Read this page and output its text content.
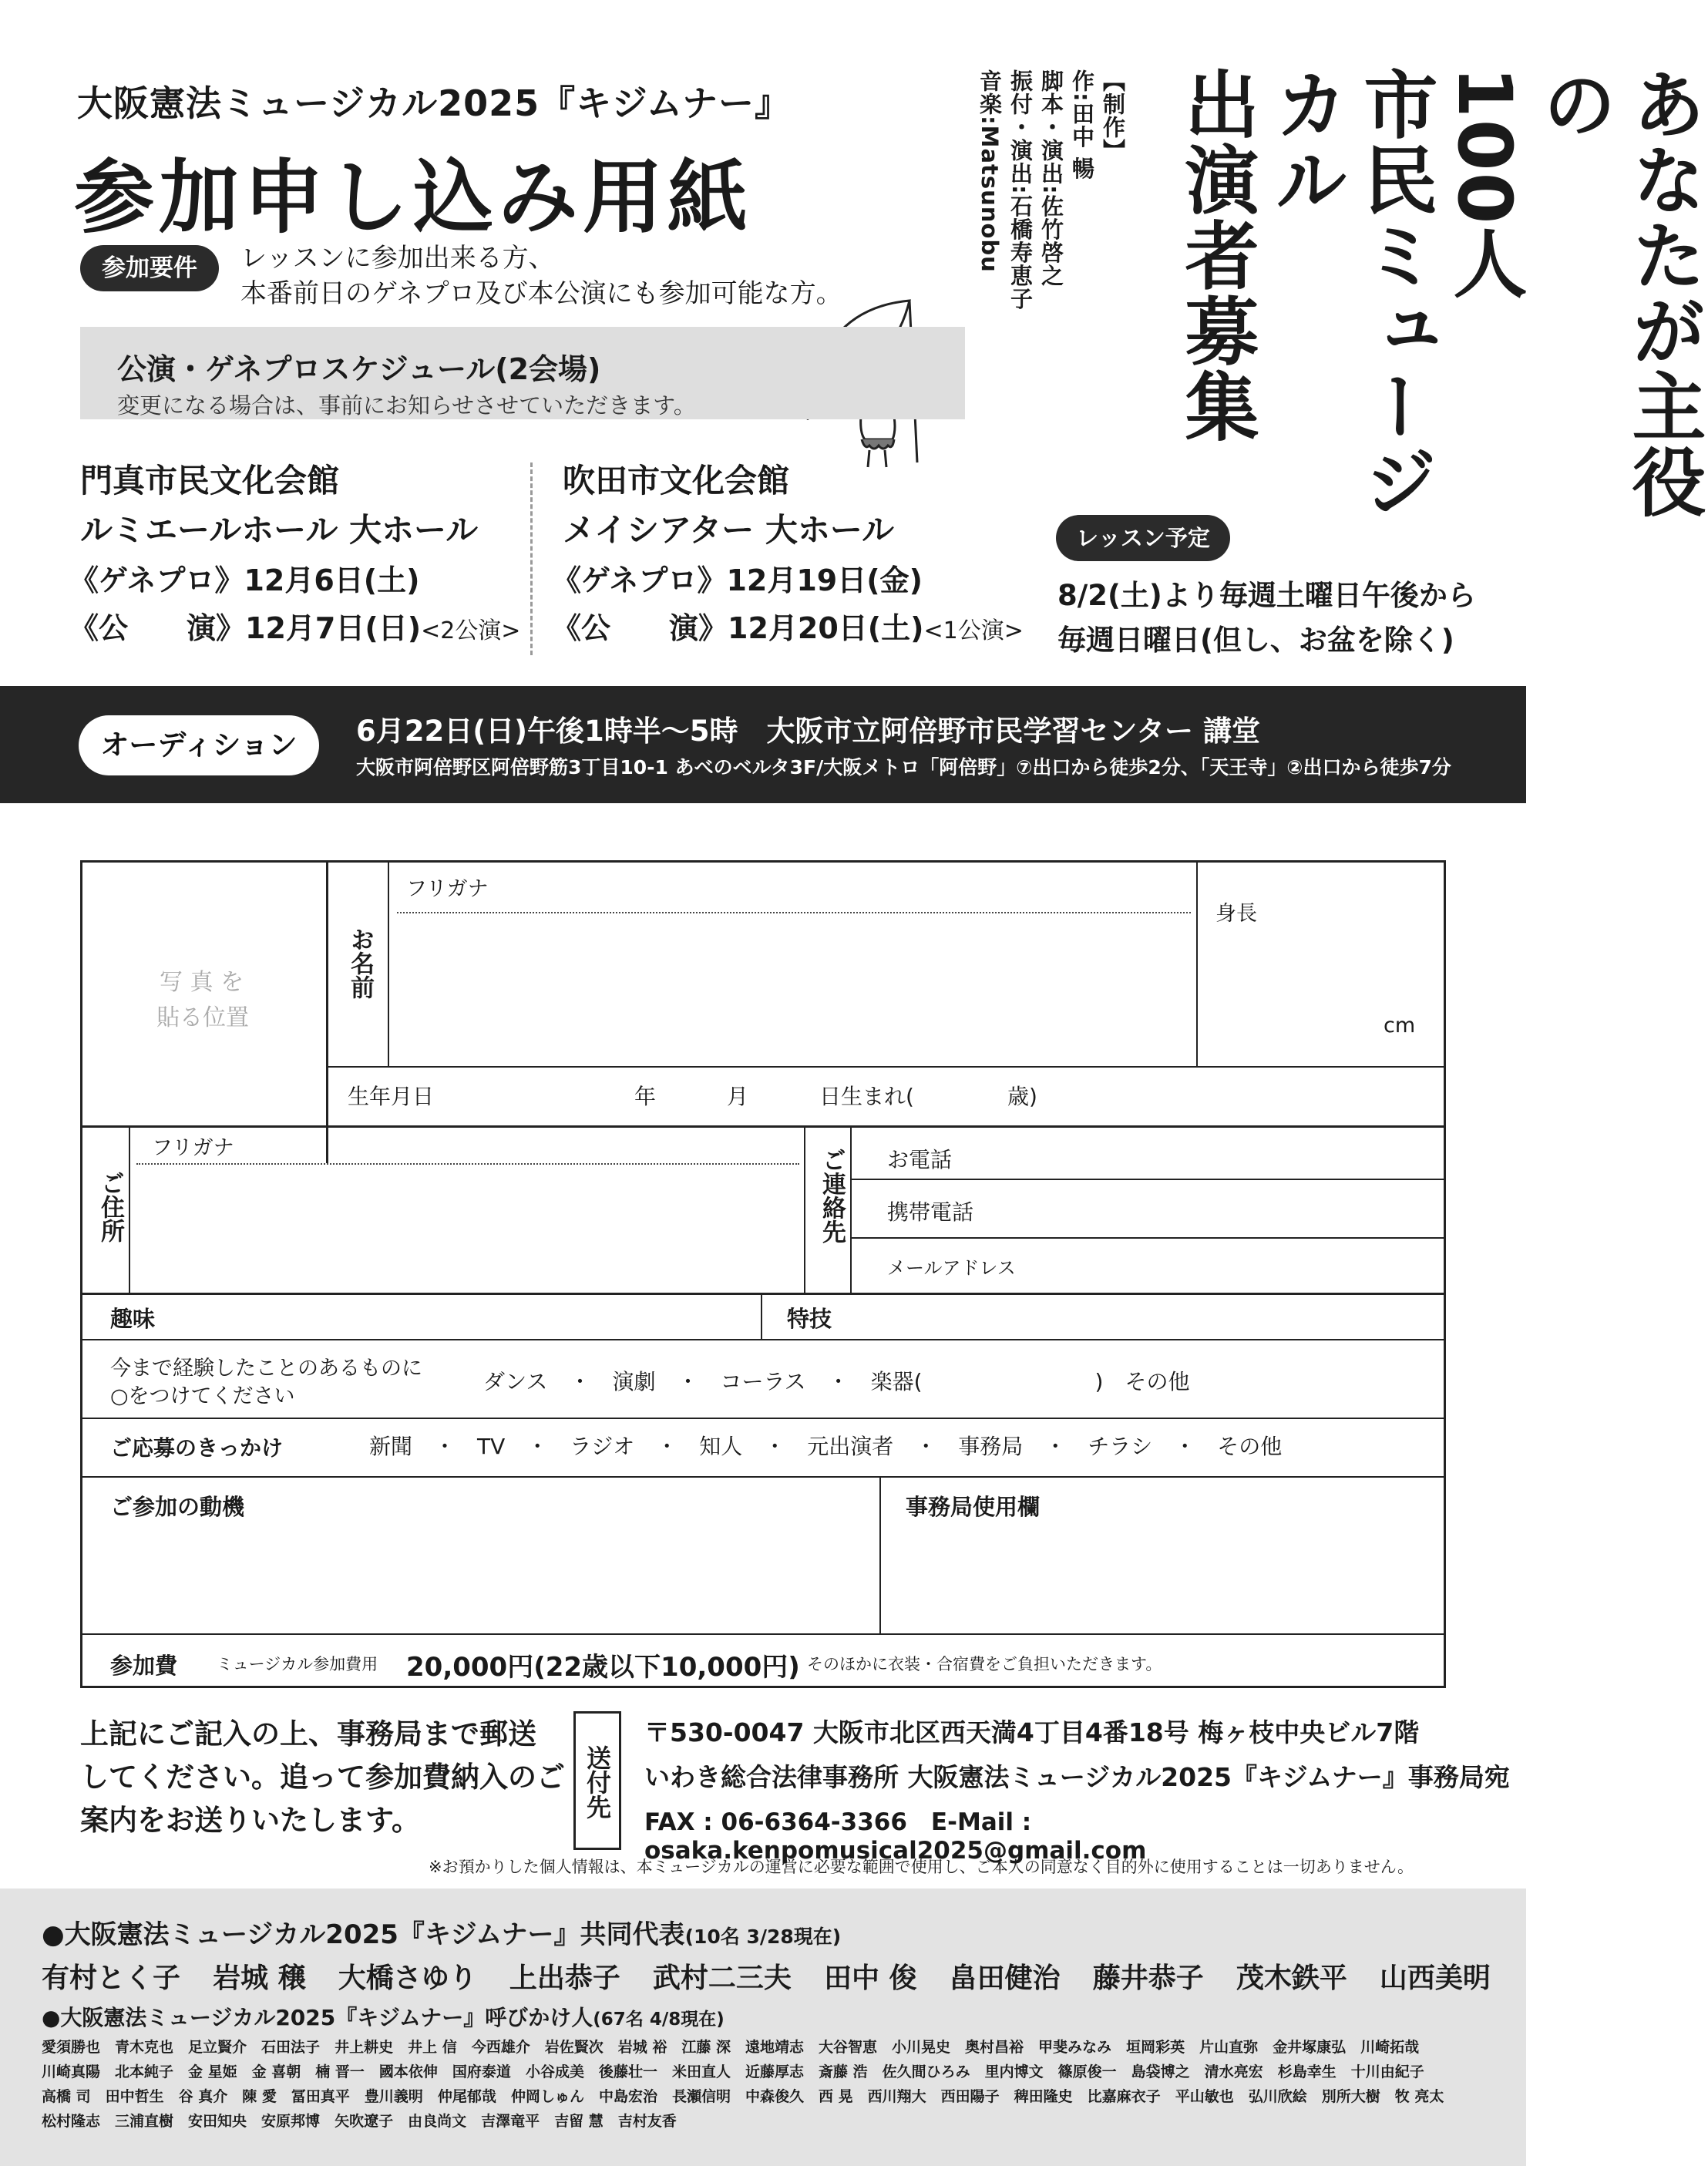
大阪憲法ミュージカル2025『キジムナー』
参加申し込み用紙
参加要件	レッスンに参加出来る方、
本番前日のゲネプロ及び本公演にも参加可能な方。
公演・ゲネプロスケジュール(2会場)
変更になる場合は、事前にお知らせさせていただきます。
門真市民文化会館
ルミエールホール 大ホール
《ゲネプロ》12月6日(土)
《公　　演》12月7日(日)<2公演>
吹田市文化会館
メイシアター 大ホール
《ゲネプロ》12月19日(金)
《公　　演》12月20日(土)<1公演>
あなたが主役の
100人
市民ミュージカル
出演者募集
【制作】
作:田中 暢
脚本・演出:佐竹啓之
振付・演出:石橋寿恵子
音楽:Matsunobu
レッスン予定
8/2(土)より毎週土曜日午後から
毎週日曜日(但し、お盆を除く)
オーディション	6月22日(日)午後1時半～5時　大阪市立阿倍野市民学習センター 講堂
大阪市阿倍野区阿倍野筋3丁目10-1 あべのベルタ3F/大阪メトロ「阿倍野」⑦出口から徒歩2分、「天王寺」②出口から徒歩7分
写 真 を
貼る位置
お名前
フリガナ
身長
cm
生年月日	年	月	日生まれ(	歳)
ご住所
フリガナ	ご連絡先 お電話
携帯電話
メールアドレス
趣味	特技
今まで経験したことのあるものに
○をつけてください
ダンス　・　演劇　・　コーラス　・　楽器(　　　　　　　　)　その他
ご応募のきっかけ	新聞　・　TV　・　ラジオ　・　知人　・　元出演者　・　事務局　・　チラシ　・　その他
ご参加の動機	事務局使用欄
参加費 ミュージカル参加費用 20,000円(22歳以下10,000円) そのほかに衣装・合宿費をご負担いただきます。
上記にご記入の上、事務局まで郵送
してください。追って参加費納入のご
案内をお送りいたします。
送付先
〒530-0047 大阪市北区西天満4丁目4番18号 梅ヶ枝中央ビル7階
いわき総合法律事務所 大阪憲法ミュージカル2025『キジムナー』事務局宛
FAX : 06-6364-3366　E-Mail : osaka.kenpomusical2025@gmail.com
※お預かりした個人情報は、本ミュージカルの運営に必要な範囲で使用し、ご本人の同意なく目的外に使用することは一切ありません。
●大阪憲法ミュージカル2025『キジムナー』共同代表(10名 3/28現在)
有村とく子 岩城 穣 大橋さゆり 上出恭子 武村二三夫 田中 俊 畠田健治 藤井恭子 茂木鉄平 山西美明
●大阪憲法ミュージカル2025『キジムナー』呼びかけ人(67名 4/8現在)
愛須勝也 青木克也 足立賢介 石田法子 井上耕史 井上 信 今西雄介 岩佐賢次 岩城 裕 江藤 深 遠地靖志 大谷智恵 小川晃史 奥村昌裕 甲斐みなみ 垣岡彩英 片山直弥 金井塚康弘 川崎拓哉川崎真陽 北本純子 金 星姫 金 喜朝 楠 晋一 國本依伸 国府泰道 小谷成美 後藤壮一 米田直人 近藤厚志 斎藤 浩 佐久間ひろみ 里内博文 篠原俊一 島袋博之 清水亮宏 杉島幸生 十川由紀子高橋 司 田中哲生 谷 真介 陳 愛 冨田真平 豊川義明 仲尾郁哉 仲岡しゅん 中島宏治 長瀬信明 中森俊久 西 晃 西川翔大 西田陽子 稗田隆史 比嘉麻衣子 平山敏也 弘川欣絵 別所大樹 牧 亮太松村隆志 三浦直樹 安田知央 安原邦博 矢吹遼子 由良尚文 吉澤竜平 吉留 慧 吉村友香
